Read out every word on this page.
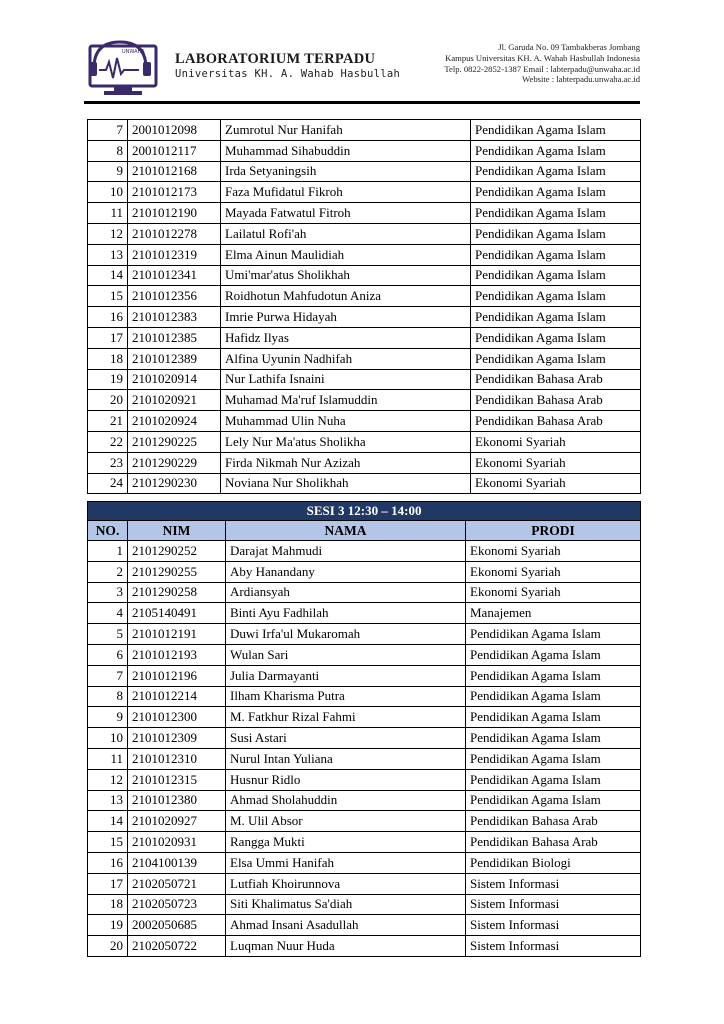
UNWAHA LABORATORIUM TERPADU
Universitas KH. A. Wahab Hasbullah
Jl. Garuda No. 09 Tambakberas Jombang
Kampus Universitas KH. A. Wahab Hasbullah Indonesia
Telp. 0822-2852-1387 Email : labterpadu@unwaha.ac.id
Website : labterpadu.unwaha.ac.id
7	2001012098	Zumrotul Nur Hanifah	Pendidikan Agama Islam
8	2001012117	Muhammad Sihabuddin	Pendidikan Agama Islam
9	2101012168	Irda Setyaningsih	Pendidikan Agama Islam
10	2101012173	Faza Mufidatul Fikroh	Pendidikan Agama Islam
11	2101012190	Mayada Fatwatul Fitroh	Pendidikan Agama Islam
12	2101012278	Lailatul Rofi'ah	Pendidikan Agama Islam
13	2101012319	Elma Ainun Maulidiah	Pendidikan Agama Islam
14	2101012341	Umi'mar'atus Sholikhah	Pendidikan Agama Islam
15	2101012356	Roidhotun Mahfudotun Aniza	Pendidikan Agama Islam
16	2101012383	Imrie Purwa Hidayah	Pendidikan Agama Islam
17	2101012385	Hafidz Ilyas	Pendidikan Agama Islam
18	2101012389	Alfina Uyunin Nadhifah	Pendidikan Agama Islam
19	2101020914	Nur Lathifa Isnaini	Pendidikan Bahasa Arab
20	2101020921	Muhamad Ma'ruf Islamuddin	Pendidikan Bahasa Arab
21	2101020924	Muhammad Ulin Nuha	Pendidikan Bahasa Arab
22	2101290225	Lely Nur Ma'atus Sholikha	Ekonomi Syariah
23	2101290229	Firda Nikmah Nur Azizah	Ekonomi Syariah
24	2101290230	Noviana Nur Sholikhah	Ekonomi Syariah
SESI 3 12:30 – 14:00			
NO.	NIM	NAMA	PRODI
1	2101290252	Darajat Mahmudi	Ekonomi Syariah
2	2101290255	Aby Hanandany	Ekonomi Syariah
3	2101290258	Ardiansyah	Ekonomi Syariah
4	2105140491	Binti Ayu Fadhilah	Manajemen
5	2101012191	Duwi Irfa'ul Mukaromah	Pendidikan Agama Islam
6	2101012193	Wulan Sari	Pendidikan Agama Islam
7	2101012196	Julia Darmayanti	Pendidikan Agama Islam
8	2101012214	Ilham Kharisma Putra	Pendidikan Agama Islam
9	2101012300	M. Fatkhur Rizal Fahmi	Pendidikan Agama Islam
10	2101012309	Susi Astari	Pendidikan Agama Islam
11	2101012310	Nurul Intan Yuliana	Pendidikan Agama Islam
12	2101012315	Husnur Ridlo	Pendidikan Agama Islam
13	2101012380	Ahmad Sholahuddin	Pendidikan Agama Islam
14	2101020927	M. Ulil Absor	Pendidikan Bahasa Arab
15	2101020931	Rangga Mukti	Pendidikan Bahasa Arab
16	2104100139	Elsa Ummi Hanifah	Pendidikan Biologi
17	2102050721	Lutfiah Khoirunnova	Sistem Informasi
18	2102050723	Siti Khalimatus Sa'diah	Sistem Informasi
19	2002050685	Ahmad Insani Asadullah	Sistem Informasi
20	2102050722	Luqman Nuur Huda	Sistem Informasi
